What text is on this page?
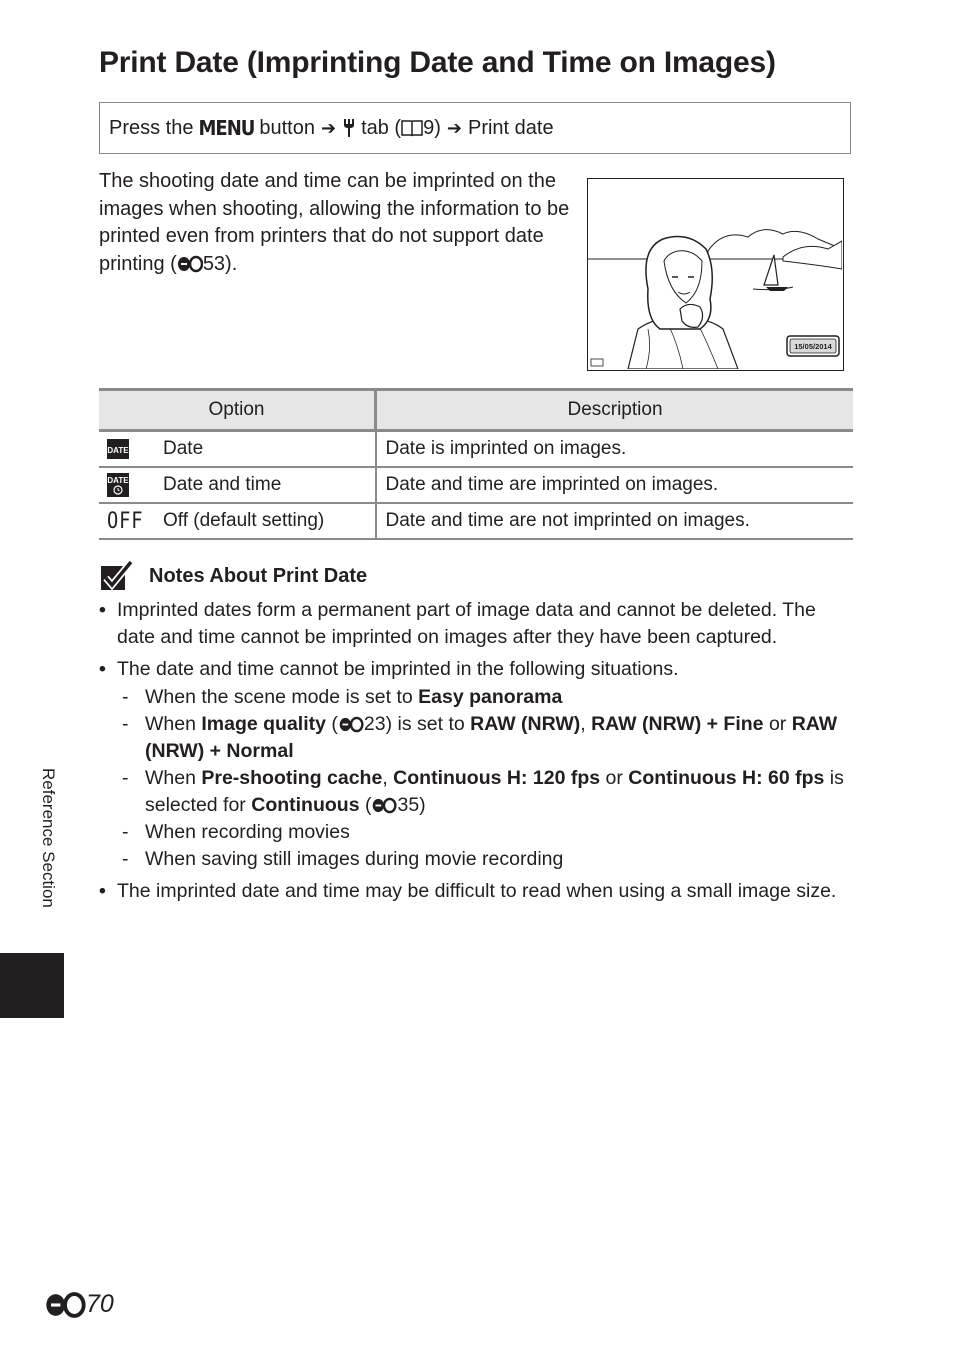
Print Date (Imprinting Date and Time on Images)
Press the MENU button ➔ tab ( 9) ➔ Print date

The shooting date and time can be imprinted on the images when shooting, allowing the information to be printed even from printers that do not support date printing ( 53).

15/05/2014
Option	Description

DATE Date	Date is imprinted on images.

DATE Date and time	Date and time are imprinted on images.

OFF Off (default setting)	Date and time are not imprinted on images.
Notes About Print Date
• Imprinted dates form a permanent part of image data and cannot be deleted. The date and time cannot be imprinted on images after they have been captured.
• The date and time cannot be imprinted in the following situations.
- When the scene mode is set to Easy panorama
- When Image quality ( 23) is set to RAW (NRW), RAW (NRW) + Fine or RAW (NRW) + Normal
- When Pre-shooting cache, Continuous H: 120 fps or Continuous H: 60 fps is selected for Continuous ( 35)
- When recording movies
- When saving still images during movie recording
• The imprinted date and time may be difficult to read when using a small image size.
Reference Section
70
